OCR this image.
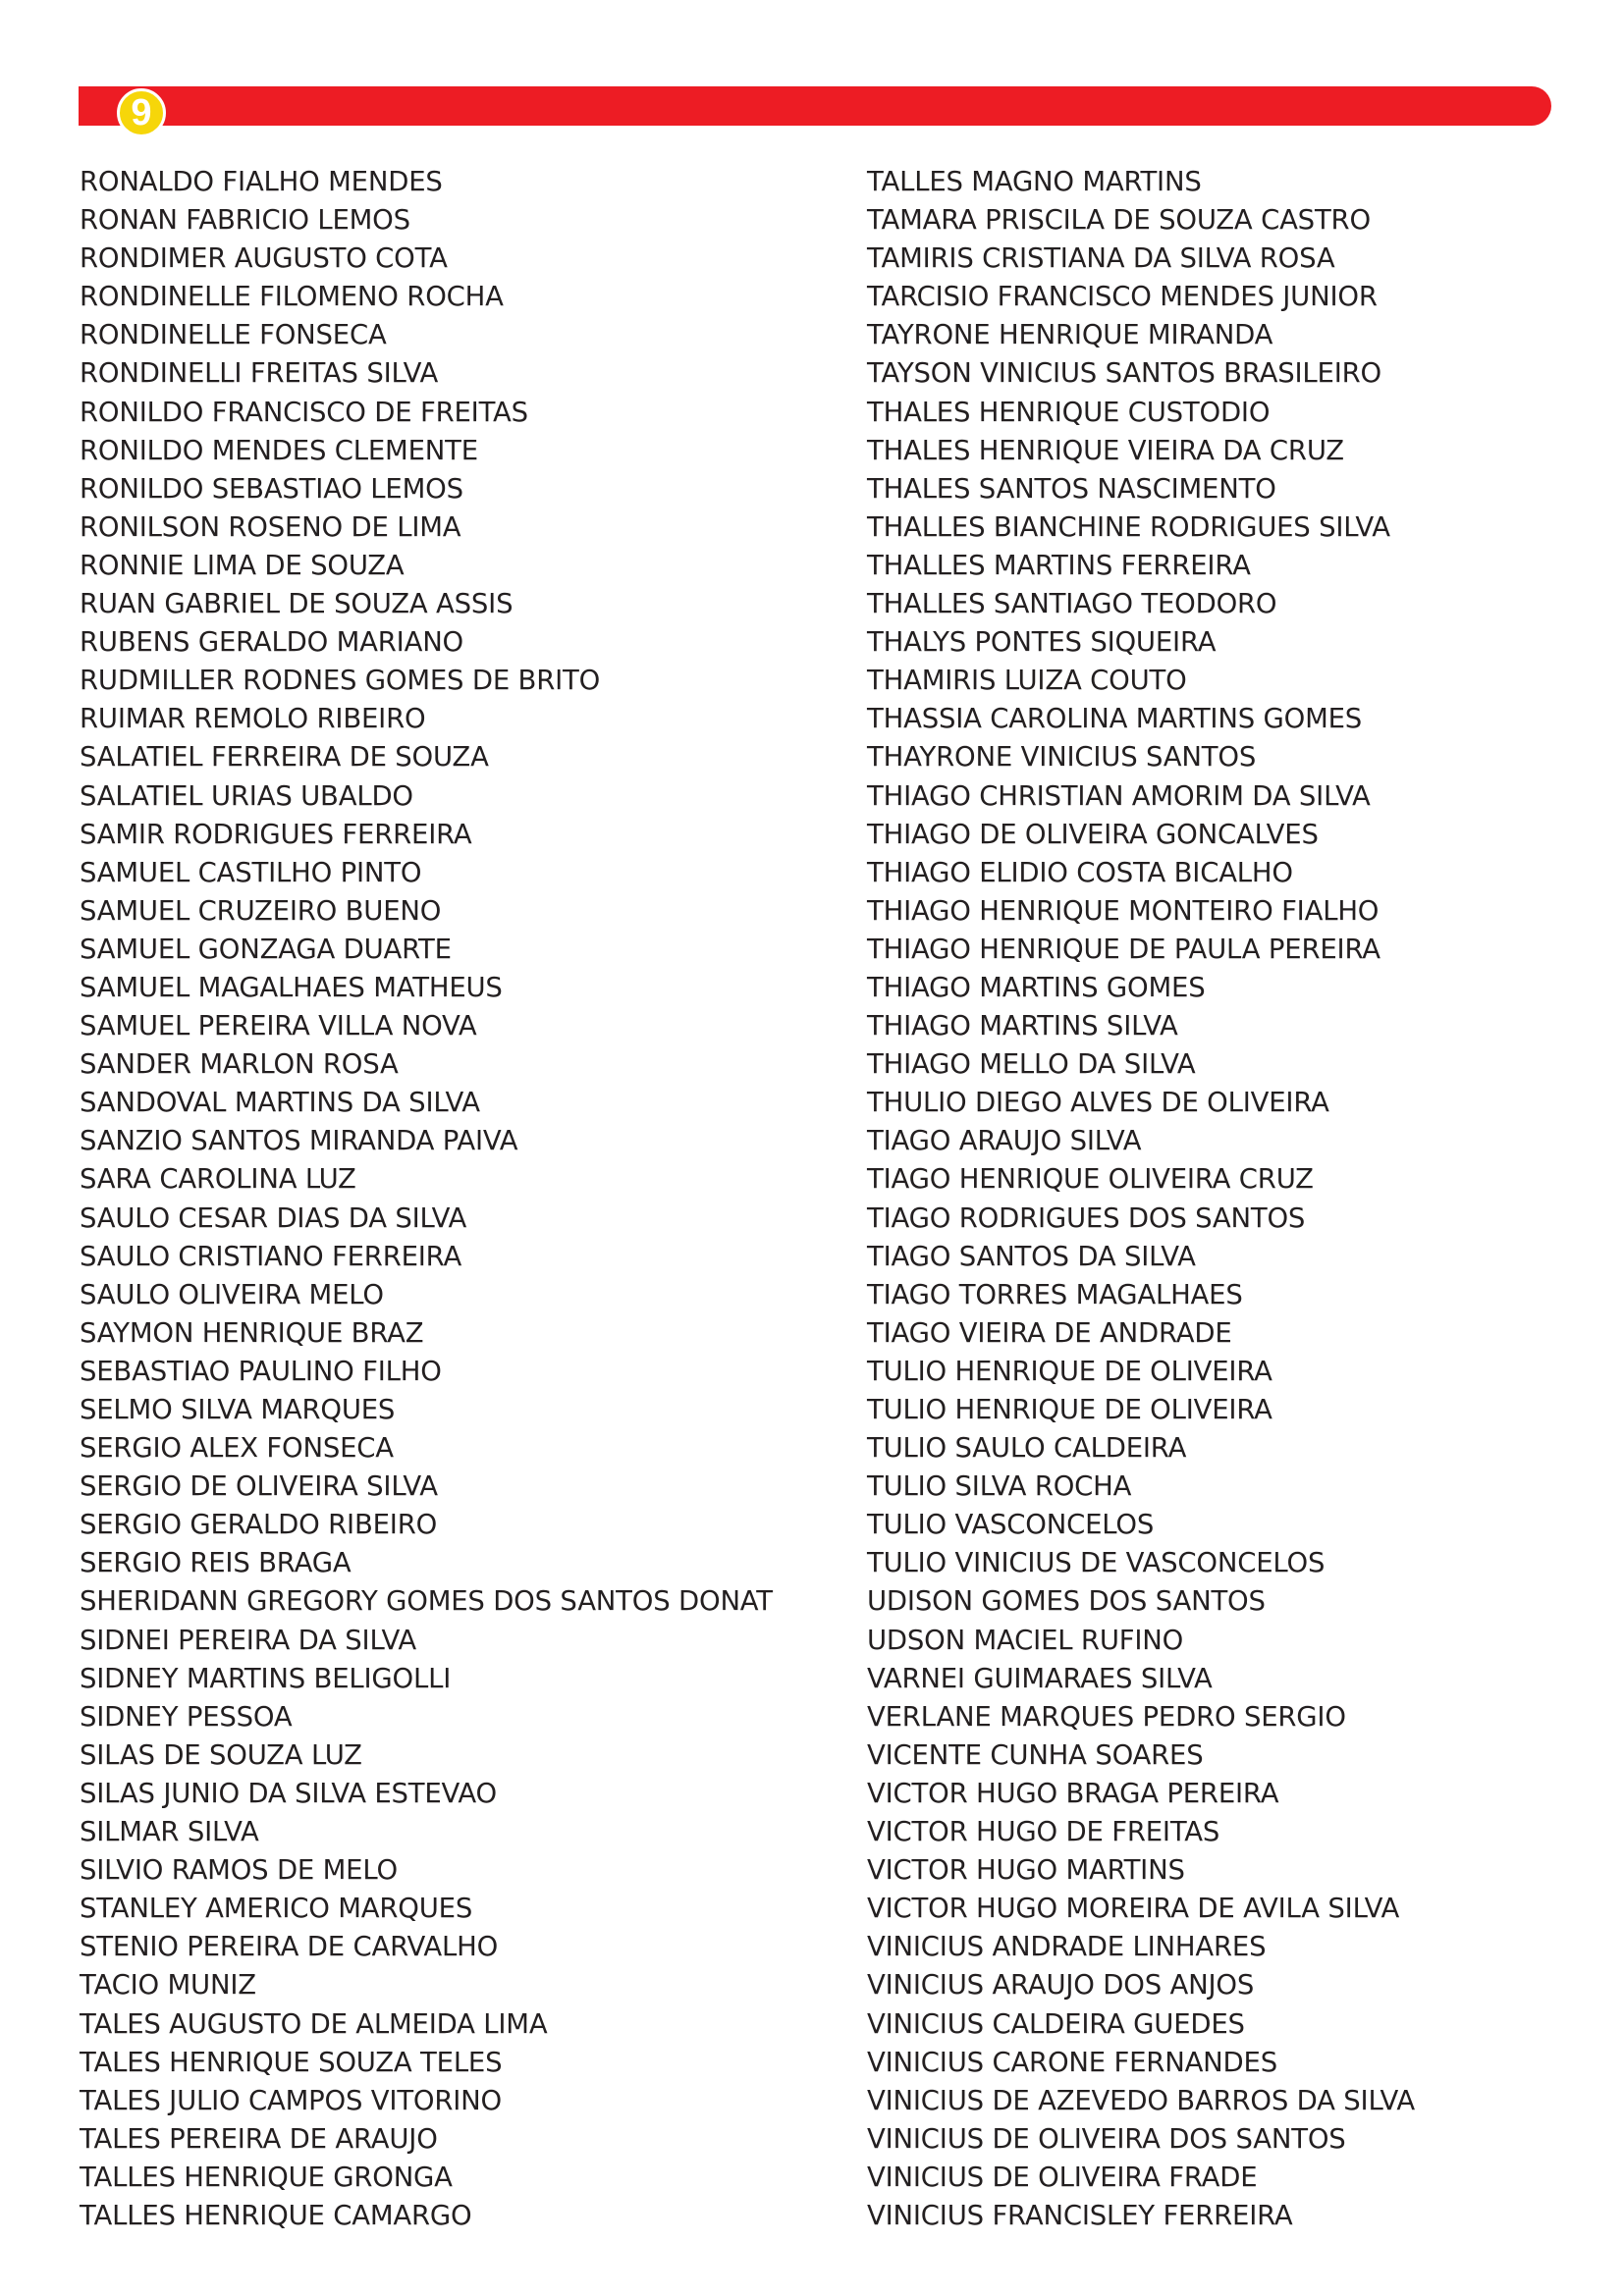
9
RONALDO FIALHO MENDES
RONAN FABRICIO LEMOS
RONDIMER AUGUSTO COTA
RONDINELLE FILOMENO ROCHA
RONDINELLE FONSECA
RONDINELLI FREITAS SILVA
RONILDO FRANCISCO DE FREITAS
RONILDO MENDES CLEMENTE
RONILDO SEBASTIAO LEMOS
RONILSON ROSENO DE LIMA
RONNIE LIMA DE SOUZA
RUAN GABRIEL DE SOUZA ASSIS
RUBENS GERALDO MARIANO
RUDMILLER RODNES GOMES DE BRITO
RUIMAR REMOLO RIBEIRO
SALATIEL FERREIRA DE SOUZA
SALATIEL URIAS UBALDO
SAMIR RODRIGUES FERREIRA
SAMUEL CASTILHO PINTO
SAMUEL CRUZEIRO BUENO
SAMUEL GONZAGA DUARTE
SAMUEL MAGALHAES MATHEUS
SAMUEL PEREIRA VILLA NOVA
SANDER MARLON ROSA
SANDOVAL MARTINS DA SILVA
SANZIO SANTOS MIRANDA PAIVA
SARA CAROLINA LUZ
SAULO CESAR DIAS DA SILVA
SAULO CRISTIANO FERREIRA
SAULO OLIVEIRA MELO
SAYMON HENRIQUE BRAZ
SEBASTIAO PAULINO FILHO
SELMO SILVA MARQUES
SERGIO ALEX FONSECA
SERGIO DE OLIVEIRA SILVA
SERGIO GERALDO RIBEIRO
SERGIO REIS BRAGA
SHERIDANN GREGORY GOMES DOS SANTOS DONAT
SIDNEI PEREIRA DA SILVA
SIDNEY MARTINS BELIGOLLI
SIDNEY PESSOA
SILAS DE SOUZA LUZ
SILAS JUNIO DA SILVA ESTEVAO
SILMAR SILVA
SILVIO RAMOS DE MELO
STANLEY AMERICO MARQUES
STENIO PEREIRA DE CARVALHO
TACIO MUNIZ
TALES AUGUSTO DE ALMEIDA LIMA
TALES HENRIQUE SOUZA TELES
TALES JULIO CAMPOS VITORINO
TALES PEREIRA DE ARAUJO
TALLES HENRIQUE GRONGA
TALLES HENRIQUE CAMARGO
TALLES MAGNO MARTINS
TAMARA PRISCILA DE SOUZA CASTRO
TAMIRIS CRISTIANA DA SILVA ROSA
TARCISIO FRANCISCO MENDES JUNIOR
TAYRONE HENRIQUE MIRANDA
TAYSON VINICIUS SANTOS BRASILEIRO
THALES HENRIQUE CUSTODIO
THALES HENRIQUE VIEIRA DA CRUZ
THALES SANTOS NASCIMENTO
THALLES BIANCHINE RODRIGUES SILVA
THALLES MARTINS FERREIRA
THALLES SANTIAGO TEODORO
THALYS PONTES SIQUEIRA
THAMIRIS LUIZA COUTO
THASSIA CAROLINA MARTINS GOMES
THAYRONE VINICIUS SANTOS
THIAGO CHRISTIAN AMORIM DA SILVA
THIAGO DE OLIVEIRA GONCALVES
THIAGO ELIDIO COSTA BICALHO
THIAGO HENRIQUE MONTEIRO FIALHO
THIAGO HENRIQUE DE PAULA PEREIRA
THIAGO MARTINS GOMES
THIAGO MARTINS SILVA
THIAGO MELLO DA SILVA
THULIO DIEGO ALVES DE OLIVEIRA
TIAGO ARAUJO SILVA
TIAGO HENRIQUE OLIVEIRA CRUZ
TIAGO RODRIGUES DOS SANTOS
TIAGO SANTOS DA SILVA
TIAGO TORRES MAGALHAES
TIAGO VIEIRA DE ANDRADE
TULIO HENRIQUE DE OLIVEIRA
TULIO HENRIQUE DE OLIVEIRA
TULIO SAULO CALDEIRA
TULIO SILVA ROCHA
TULIO VASCONCELOS
TULIO VINICIUS DE VASCONCELOS
UDISON GOMES DOS SANTOS
UDSON MACIEL RUFINO
VARNEI GUIMARAES SILVA
VERLANE MARQUES PEDRO SERGIO
VICENTE CUNHA SOARES
VICTOR HUGO BRAGA PEREIRA
VICTOR HUGO DE FREITAS
VICTOR HUGO MARTINS
VICTOR HUGO MOREIRA DE AVILA SILVA
VINICIUS ANDRADE LINHARES
VINICIUS ARAUJO DOS ANJOS
VINICIUS CALDEIRA GUEDES
VINICIUS CARONE FERNANDES
VINICIUS DE AZEVEDO BARROS DA SILVA
VINICIUS DE OLIVEIRA DOS SANTOS
VINICIUS DE OLIVEIRA FRADE
VINICIUS FRANCISLEY FERREIRA
